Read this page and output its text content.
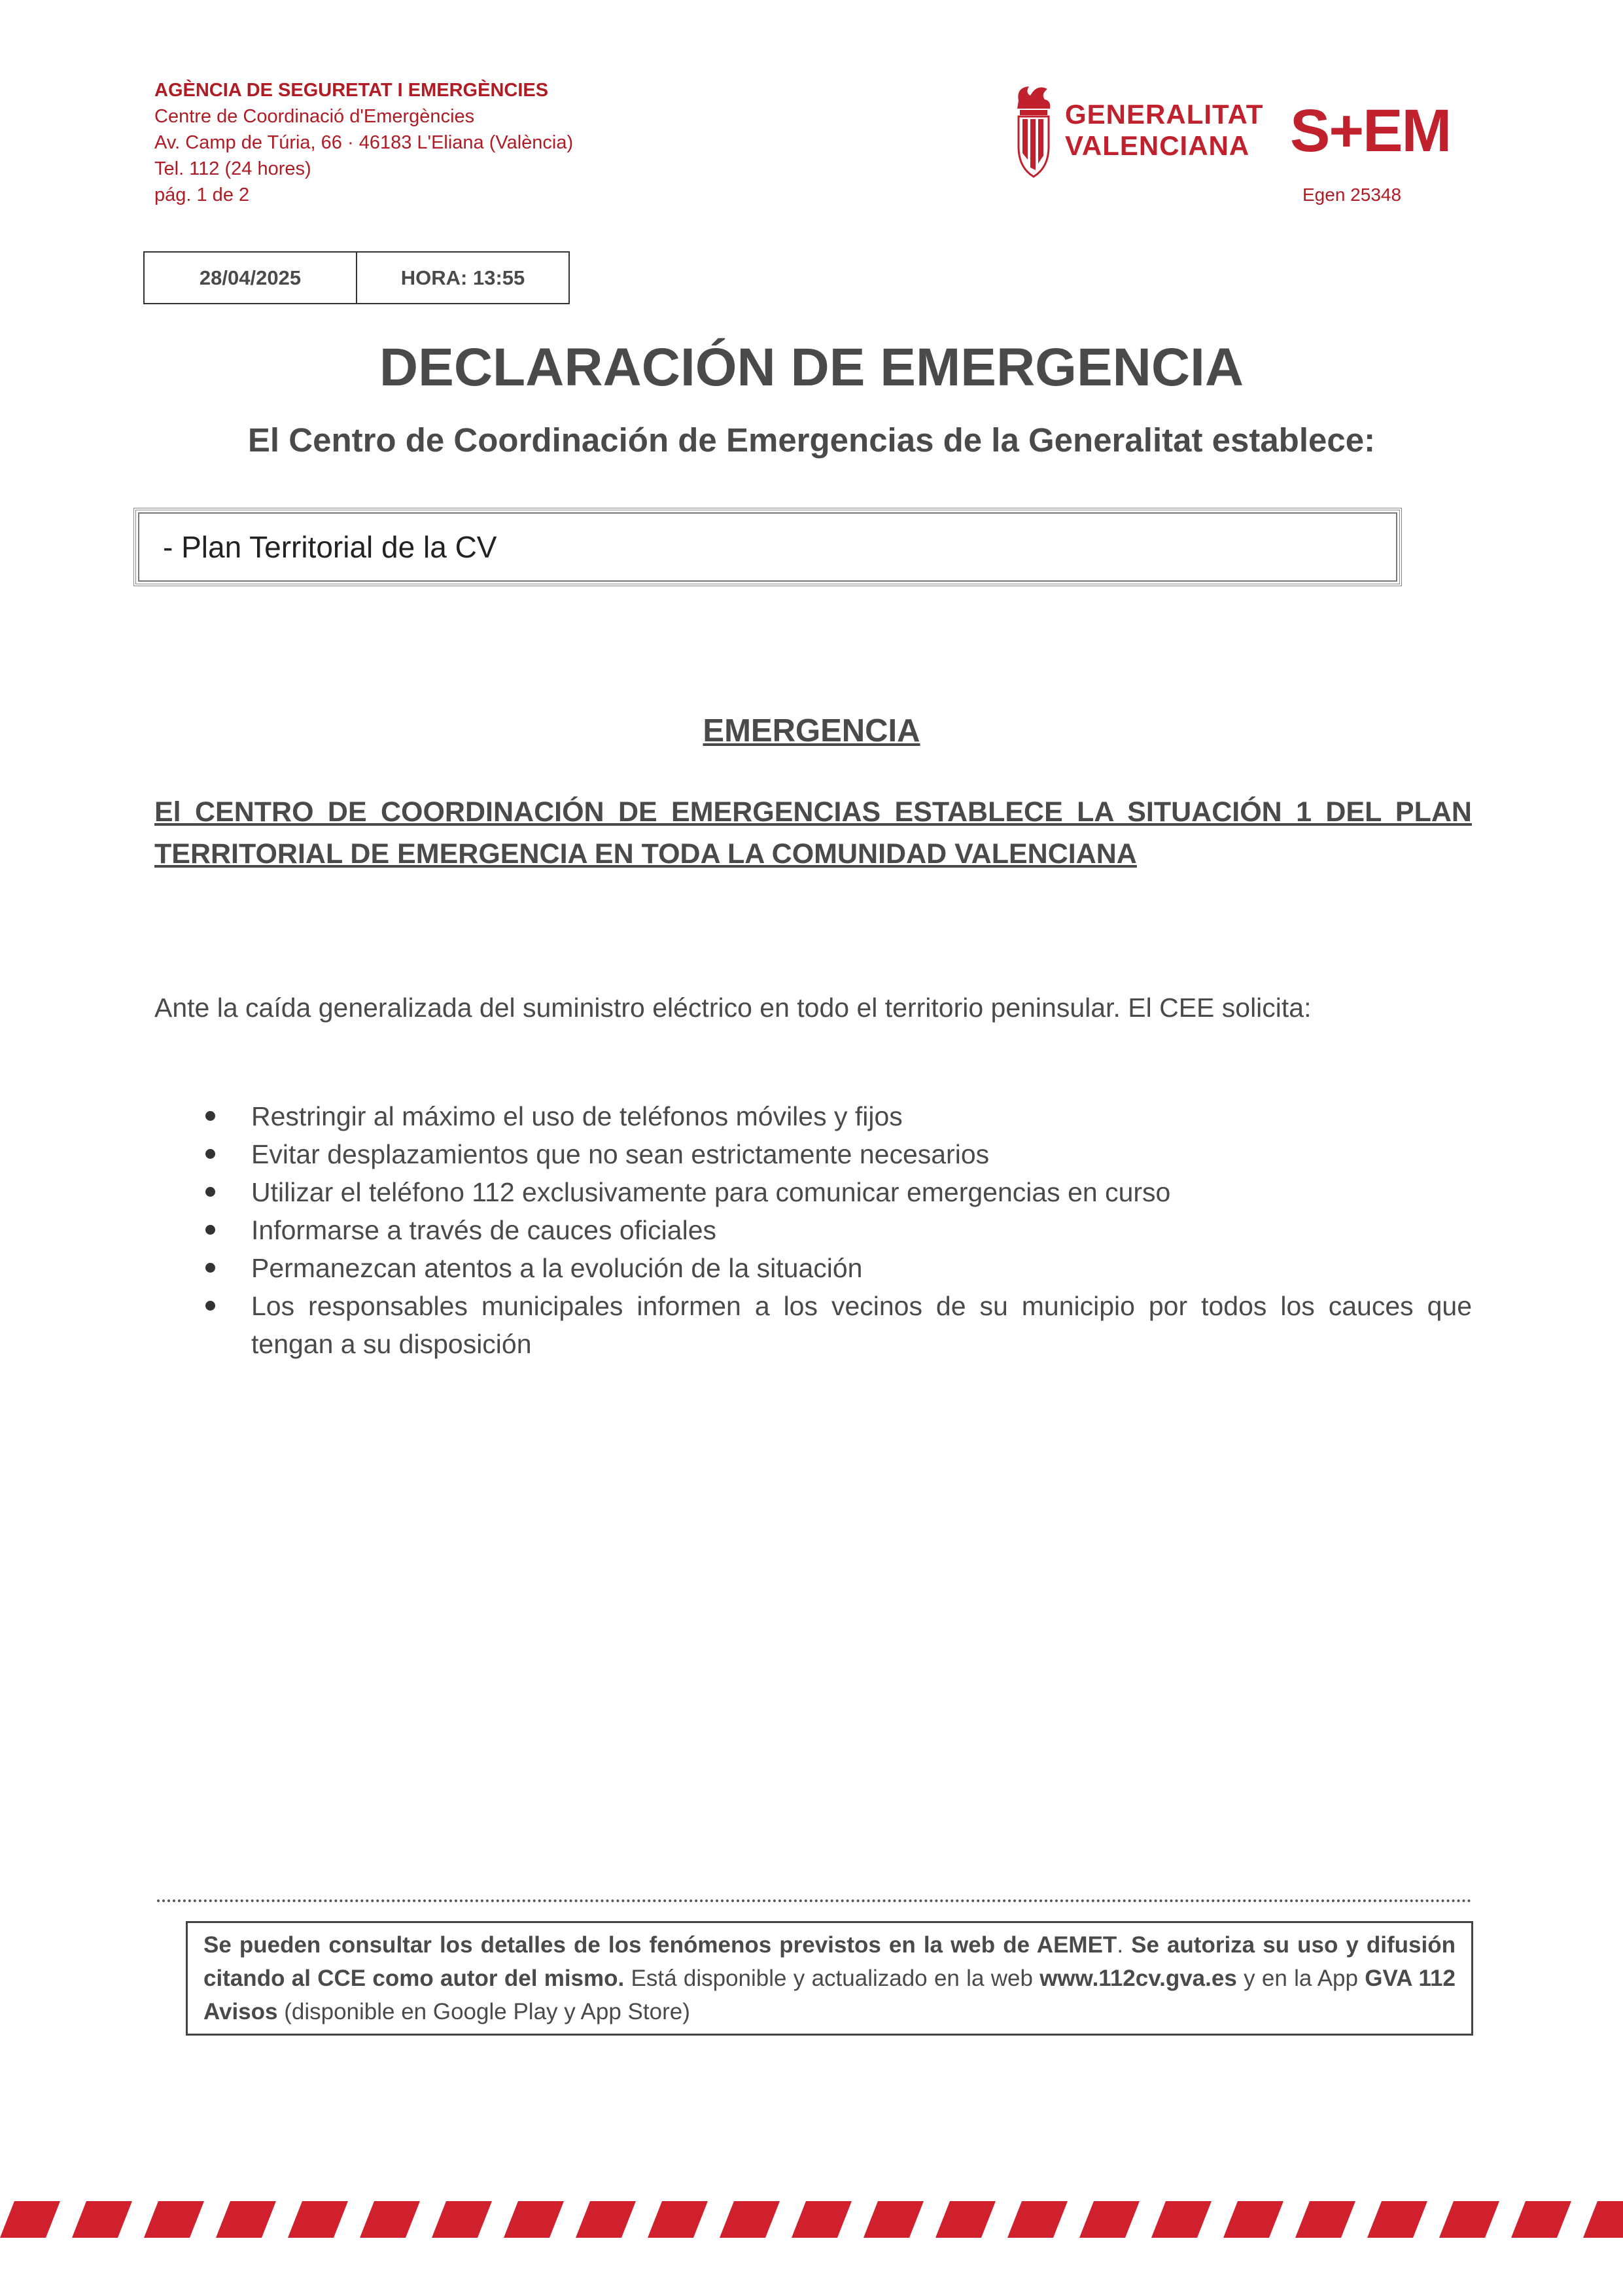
AGÈNCIA DE SEGURETAT I EMERGÈNCIES
Centre de Coordinació d'Emergències
Av. Camp de Túria, 66 · 46183 L'Eliana (València)
Tel. 112 (24 hores)
pág. 1 de 2
GENERALITAT
VALENCIANA S+EM
Egen 25348
28/04/2025	HORA: 13:55
DECLARACIÓN DE EMERGENCIA
El Centro de Coordinación de Emergencias de la Generalitat establece:
- Plan Territorial de la CV
EMERGENCIA
El CENTRO DE COORDINACIÓN DE EMERGENCIAS ESTABLECE LA SITUACIÓN 1 DEL PLAN TERRITORIAL DE EMERGENCIA EN TODA LA COMUNIDAD VALENCIANA
Ante la caída generalizada del suministro eléctrico en todo el territorio peninsular. El CEE solicita:
Restringir al máximo el uso de teléfonos móviles y fijos
Evitar desplazamientos que no sean estrictamente necesarios
Utilizar el teléfono 112 exclusivamente para comunicar emergencias en curso
Informarse a través de cauces oficiales
Permanezcan atentos a la evolución de la situación
Los responsables municipales informen a los vecinos de su municipio por todos los cauces que tengan a su disposición
Se pueden consultar los detalles de los fenómenos previstos en la web de AEMET. Se autoriza su uso y difusión citando al CCE como autor del mismo. Está disponible y actualizado en la web www.112cv.gva.es y en la App GVA 112 Avisos (disponible en Google Play y App Store)
